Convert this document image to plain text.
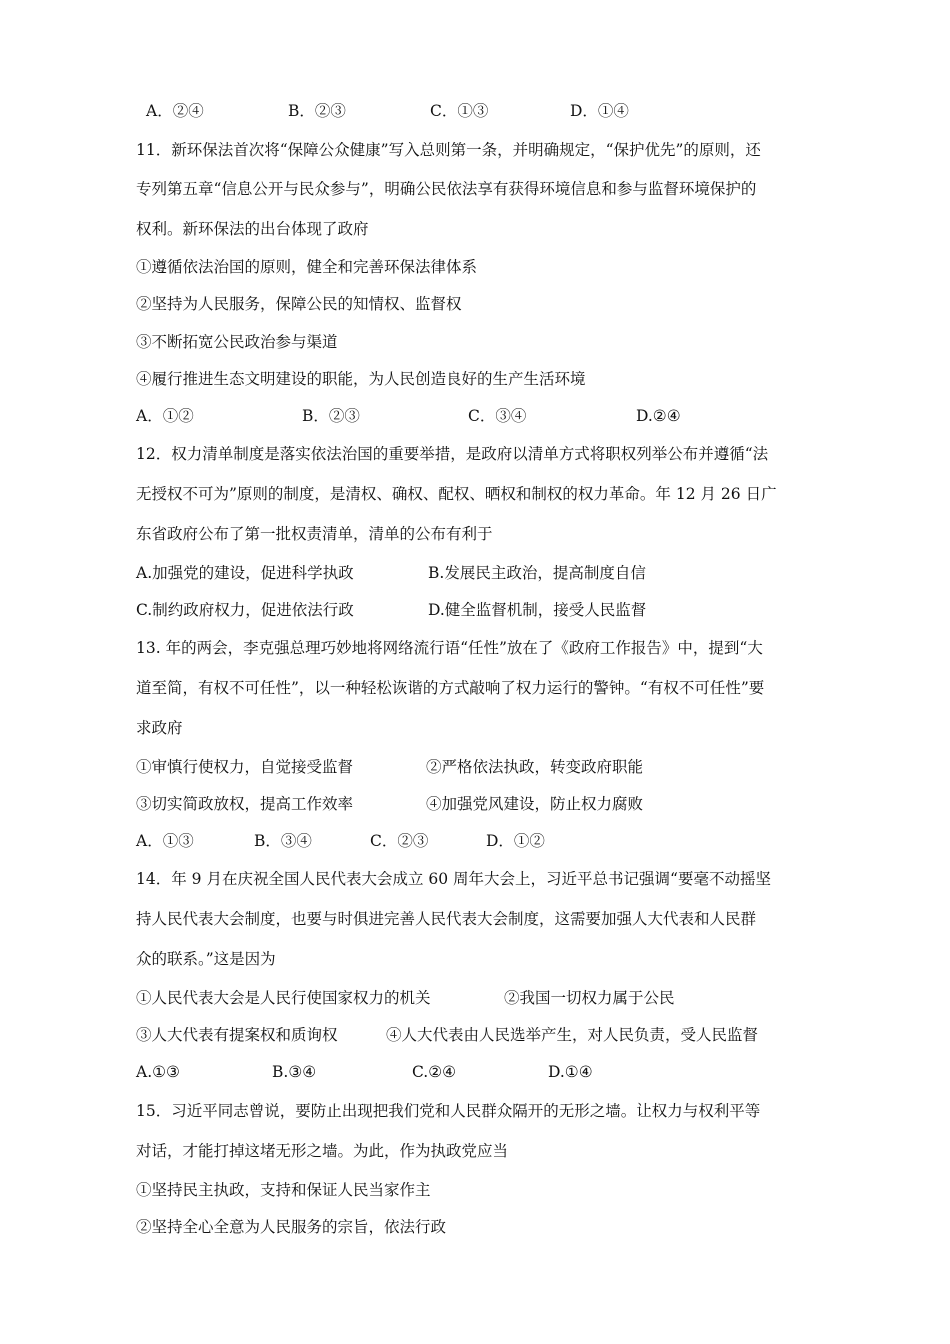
A．②④	B．②③	C．①③	D．①④
11．新环保法首次将“保障公众健康”写入总则第一条，并明确规定，“保护优先”的原则，还
专列第五章“信息公开与民众参与”，明确公民依法享有获得环境信息和参与监督环境保护的
权利。新环保法的出台体现了政府
①遵循依法治国的原则，健全和完善环保法律体系
②坚持为人民服务，保障公民的知情权、监督权
③不断拓宽公民政治参与渠道
④履行推进生态文明建设的职能，为人民创造良好的生产生活环境
A．①②	B．②③	C．③④	D.②④
12．权力清单制度是落实依法治国的重要举措，是政府以清单方式将职权列举公布并遵循“法
无授权不可为”原则的制度，是清权、确权、配权、晒权和制权的权力革命。年 12 月 26 日广
东省政府公布了第一批权责清单，清单的公布有利于
A.加强党的建设，促进科学执政	B.发展民主政治，提高制度自信
C.制约政府权力，促进依法行政	D.健全监督机制，接受人民监督
13. 年的两会，李克强总理巧妙地将网络流行语“任性”放在了《政府工作报告》中，提到“大
道至简，有权不可任性”，以一种轻松诙谐的方式敲响了权力运行的警钟。“有权不可任性”要
求政府
①审慎行使权力，自觉接受监督	②严格依法执政，转变政府职能
③切实简政放权，提高工作效率	④加强党风建设，防止权力腐败
A．①③	B．③④	C．②③	D．①②
14．年 9 月在庆祝全国人民代表大会成立 60 周年大会上，习近平总书记强调“要毫不动摇坚
持人民代表大会制度，也要与时俱进完善人民代表大会制度，这需要加强人大代表和人民群
众的联系。”这是因为
①人民代表大会是人民行使国家权力的机关	②我国一切权力属于公民
③人大代表有提案权和质询权	④人大代表由人民选举产生，对人民负责，受人民监督
A.①③	B.③④	C.②④	D.①④
15．习近平同志曾说，要防止出现把我们党和人民群众隔开的无形之墙。让权力与权利平等
对话，才能打掉这堵无形之墙。为此，作为执政党应当
①坚持民主执政，支持和保证人民当家作主
②坚持全心全意为人民服务的宗旨，依法行政
